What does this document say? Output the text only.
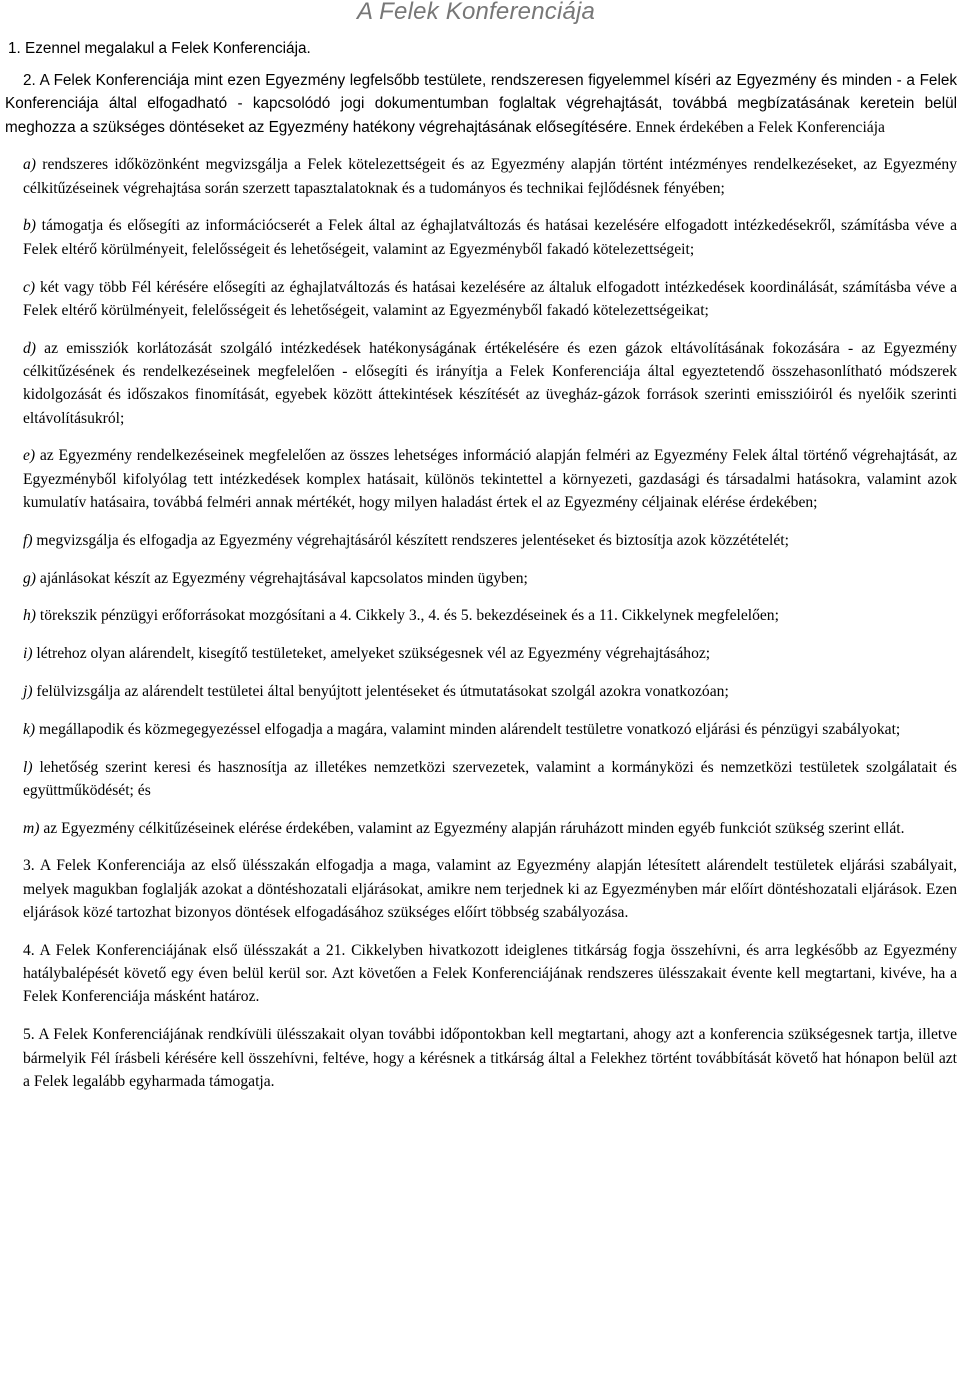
A Felek Konferenciája
1. Ezennel megalakul a Felek Konferenciája.

2. A Felek Konferenciája mint ezen Egyezmény legfelsőbb testülete, rendszeresen figyelemmel kíséri az Egyezmény és minden - a Felek Konferenciája által elfogadható - kapcsolódó jogi dokumentumban foglaltak végrehajtását, továbbá megbízatásának keretein belül meghozza a szükséges döntéseket az Egyezmény hatékony végrehajtásának elősegítésére. Ennek érdekében a Felek Konferenciája

a) rendszeres időközönként megvizsgálja a Felek kötelezettségeit és az Egyezmény alapján történt intézményes rendelkezéseket, az Egyezmény célkitűzéseinek végrehajtása során szerzett tapasztalatoknak és a tudományos és technikai fejlődésnek fényében;

b) támogatja és elősegíti az információcserét a Felek által az éghajlatváltozás és hatásai kezelésére elfogadott intézkedésekről, számításba véve a Felek eltérő körülményeit, felelősségeit és lehetőségeit, valamint az Egyezményből fakadó kötelezettségeit;

c) két vagy több Fél kérésére elősegíti az éghajlatváltozás és hatásai kezelésére az általuk elfogadott intézkedések koordinálását, számításba véve a Felek eltérő körülményeit, felelősségeit és lehetőségeit, valamint az Egyezményből fakadó kötelezettségeikat;

d) az emissziók korlátozását szolgáló intézkedések hatékonyságának értékelésére és ezen gázok eltávolításának fokozására - az Egyezmény célkitűzésének és rendelkezéseinek megfelelően - elősegíti és irányítja a Felek Konferenciája által egyeztetendő összehasonlítható módszerek kidolgozását és időszakos finomítását, egyebek között áttekintések készítését az üvegház-gázok források szerinti emisszióiról és nyelőik szerinti eltávolításukról;

e) az Egyezmény rendelkezéseinek megfelelően az összes lehetséges információ alapján felméri az Egyezmény Felek által történő végrehajtását, az Egyezményből kifolyólag tett intézkedések komplex hatásait, különös tekintettel a környezeti, gazdasági és társadalmi hatásokra, valamint azok kumulatív hatásaira, továbbá felméri annak mértékét, hogy milyen haladást értek el az Egyezmény céljainak elérése érdekében;

f) megvizsgálja és elfogadja az Egyezmény végrehajtásáról készített rendszeres jelentéseket és biztosítja azok közzétételét;

g) ajánlásokat készít az Egyezmény végrehajtásával kapcsolatos minden ügyben;

h) törekszik pénzügyi erőforrásokat mozgósítani a 4. Cikkely 3., 4. és 5. bekezdéseinek és a 11. Cikkelynek megfelelően;

i) létrehoz olyan alárendelt, kisegítő testületeket, amelyeket szükségesnek vél az Egyezmény végrehajtásához;

j) felülvizsgálja az alárendelt testületei által benyújtott jelentéseket és útmutatásokat szolgál azokra vonatkozóan;

k) megállapodik és közmegegyezéssel elfogadja a magára, valamint minden alárendelt testületre vonatkozó eljárási és pénzügyi szabályokat;

l) lehetőség szerint keresi és hasznosítja az illetékes nemzetközi szervezetek, valamint a kormányközi és nemzetközi testületek szolgálatait és együttműködését; és

m) az Egyezmény célkitűzéseinek elérése érdekében, valamint az Egyezmény alapján ráruházott minden egyéb funkciót szükség szerint ellát.

3. A Felek Konferenciája az első ülésszakán elfogadja a maga, valamint az Egyezmény alapján létesített alárendelt testületek eljárási szabályait, melyek magukban foglalják azokat a döntéshozatali eljárásokat, amikre nem terjednek ki az Egyezményben már előírt döntéshozatali eljárások. Ezen eljárások közé tartozhat bizonyos döntések elfogadásához szükséges előírt többség szabályozása.

4. A Felek Konferenciájának első ülésszakát a 21. Cikkelyben hivatkozott ideiglenes titkárság fogja összehívni, és arra legkésőbb az Egyezmény hatálybalépését követő egy éven belül kerül sor. Azt követően a Felek Konferenciájának rendszeres ülésszakait évente kell megtartani, kivéve, ha a Felek Konferenciája másként határoz.

5. A Felek Konferenciájának rendkívüli ülésszakait olyan további időpontokban kell megtartani, ahogy azt a konferencia szükségesnek tartja, illetve bármelyik Fél írásbeli kérésére kell összehívni, feltéve, hogy a kérésnek a titkárság által a Felekhez történt továbbítását követő hat hónapon belül azt a Felek legalább egyharmada támogatja.
